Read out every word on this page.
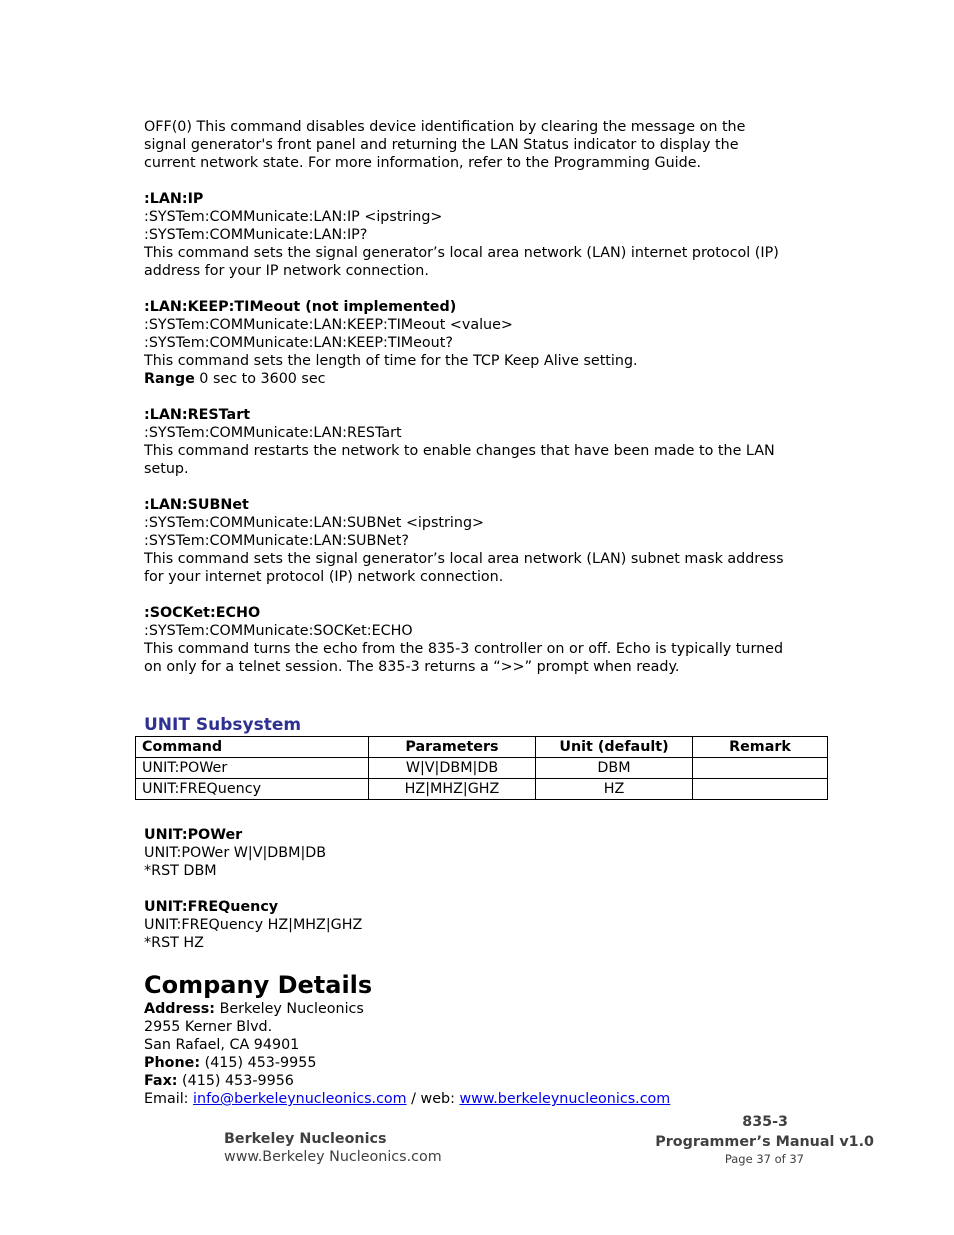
OFF(0) This command disables device identification by clearing the message on the
signal generator's front panel and returning the LAN Status indicator to display the
current network state. For more information, refer to the Programming Guide.
:LAN:IP
:SYSTem:COMMunicate:LAN:IP <ipstring>
:SYSTem:COMMunicate:LAN:IP?
This command sets the signal generator’s local area network (LAN) internet protocol (IP)
address for your IP network connection.
:LAN:KEEP:TIMeout (not implemented)
:SYSTem:COMMunicate:LAN:KEEP:TIMeout <value>
:SYSTem:COMMunicate:LAN:KEEP:TIMeout?
This command sets the length of time for the TCP Keep Alive setting.
Range 0 sec to 3600 sec
:LAN:RESTart
:SYSTem:COMMunicate:LAN:RESTart
This command restarts the network to enable changes that have been made to the LAN
setup.
:LAN:SUBNet
:SYSTem:COMMunicate:LAN:SUBNet <ipstring>
:SYSTem:COMMunicate:LAN:SUBNet?
This command sets the signal generator’s local area network (LAN) subnet mask address
for your internet protocol (IP) network connection.
:SOCKet:ECHO
:SYSTem:COMMunicate:SOCKet:ECHO
This command turns the echo from the 835-3 controller on or off. Echo is typically turned
on only for a telnet session. The 835-3 returns a “>>” prompt when ready.
UNIT Subsystem
Command	Parameters	Unit (default)	Remark
UNIT:POWer	W|V|DBM|DB	DBM	
UNIT:FREQuency	HZ|MHZ|GHZ	HZ	
UNIT:POWer
UNIT:POWer W|V|DBM|DB
*RST DBM
UNIT:FREQuency
UNIT:FREQuency HZ|MHZ|GHZ
*RST HZ
Company Details
Address: Berkeley Nucleonics
2955 Kerner Blvd.
San Rafael, CA 94901
Phone: (415) 453-9955
Fax: (415) 453-9956
Email: info@berkeleynucleonics.com / web: www.berkeleynucleonics.com
Berkeley Nucleonics
www.Berkeley Nucleonics.com
835-3
Programmer’s Manual v1.0
Page 37 of 37
